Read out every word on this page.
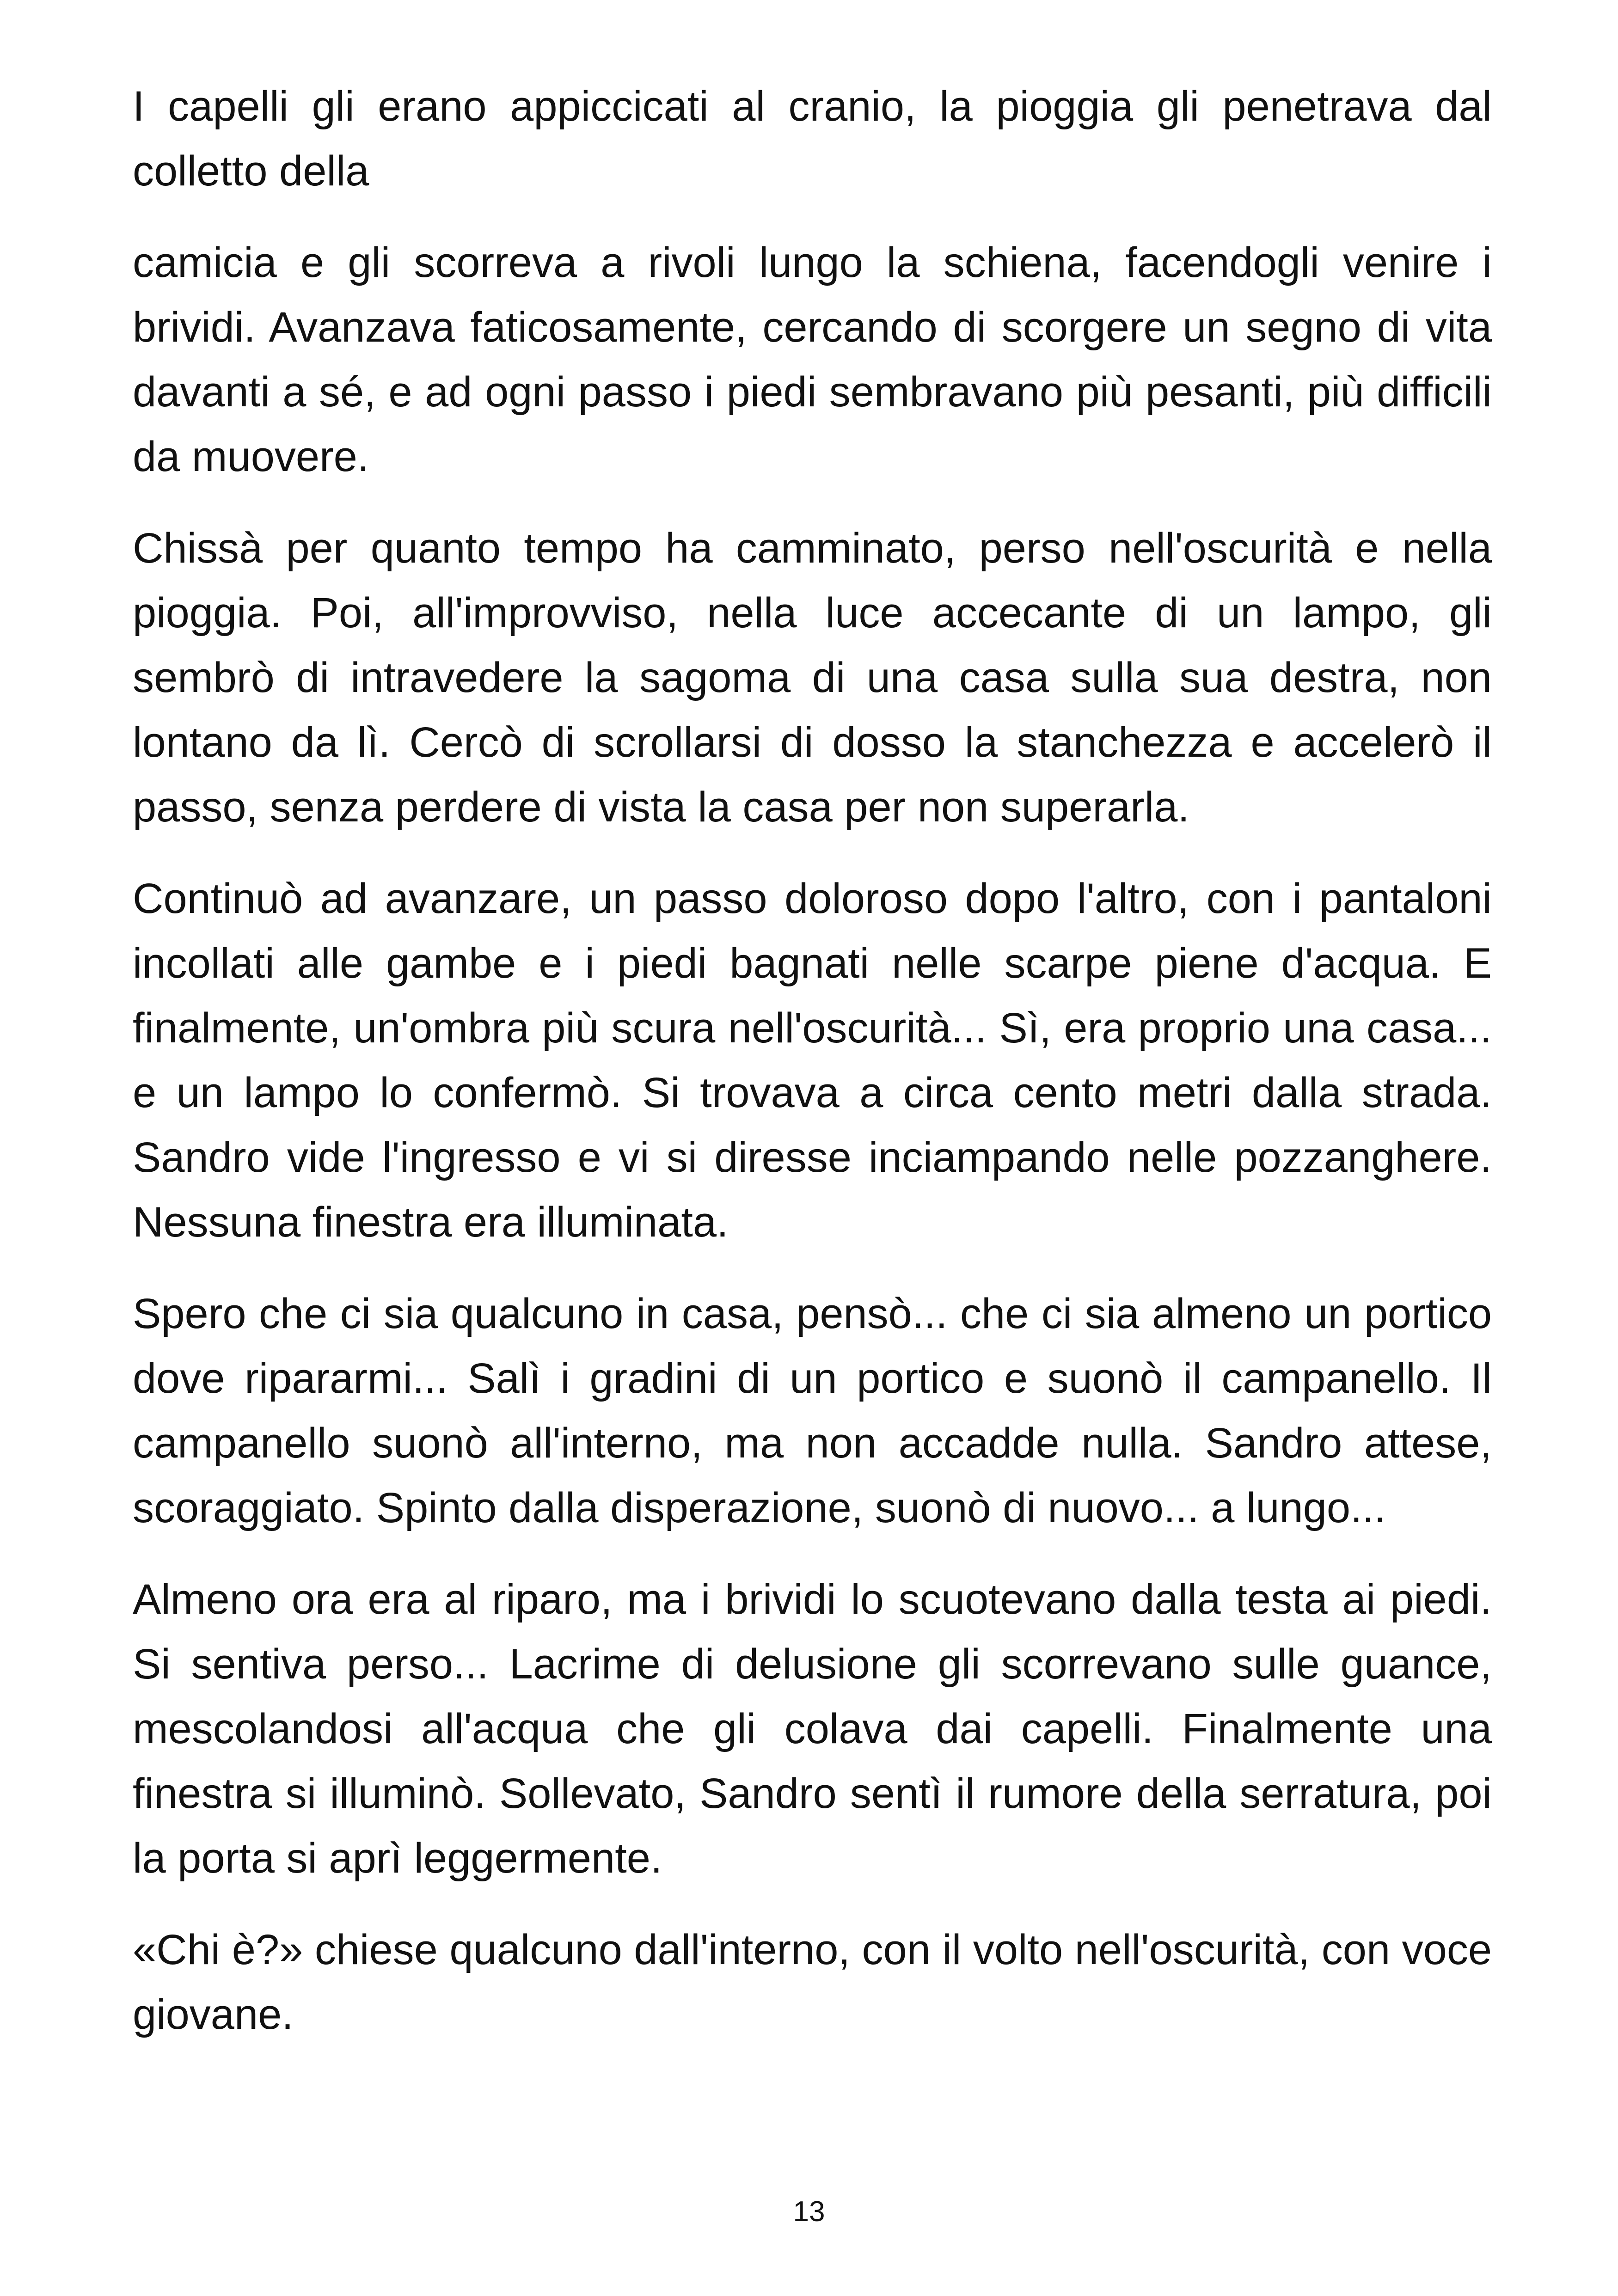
I capelli gli erano appiccicati al cranio, la pioggia gli penetrava dal colletto della

camicia e gli scorreva a rivoli lungo la schiena, facendogli venire i brividi. Avanzava faticosamente, cercando di scorgere un segno di vita davanti a sé, e ad ogni passo i piedi sembravano più pesanti, più difficili da muovere.

Chissà per quanto tempo ha camminato, perso nell'oscurità e nella pioggia. Poi, all'improvviso, nella luce accecante di un lampo, gli sembrò di intravedere la sagoma di una casa sulla sua destra, non lontano da lì. Cercò di scrollarsi di dosso la stanchezza e accelerò il passo, senza perdere di vista la casa per non superarla.

Continuò ad avanzare, un passo doloroso dopo l'altro, con i pantaloni incollati alle gambe e i piedi bagnati nelle scarpe piene d'acqua. E finalmente, un'ombra più scura nell'oscurità... Sì, era proprio una casa... e un lampo lo confermò. Si trovava a circa cento metri dalla strada. Sandro vide l'ingresso e vi si diresse inciampando nelle pozzanghere. Nessuna finestra era illuminata.

Spero che ci sia qualcuno in casa, pensò... che ci sia almeno un portico dove ripararmi... Salì i gradini di un portico e suonò il campanello. Il campanello suonò all'interno, ma non accadde nulla. Sandro attese, scoraggiato. Spinto dalla disperazione, suonò di nuovo... a lungo...

Almeno ora era al riparo, ma i brividi lo scuotevano dalla testa ai piedi. Si sentiva perso... Lacrime di delusione gli scorrevano sulle guance, mescolandosi all'acqua che gli colava dai capelli. Finalmente una finestra si illuminò. Sollevato, Sandro sentì il rumore della serratura, poi la porta si aprì leggermente.

«Chi è?» chiese qualcuno dall'interno, con il volto nell'oscurità, con voce giovane.

13
